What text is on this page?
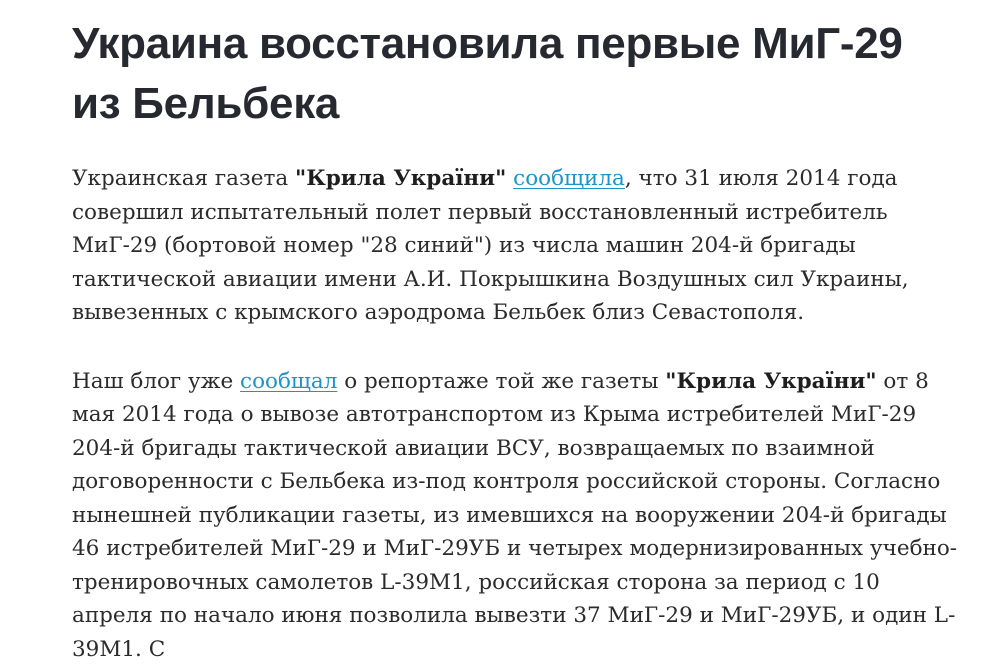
Украина восстановила первые МиГ-29 из Бельбека

Украинская газета "Крила України" сообщила, что 31 июля 2014 года совершил испытательный полет первый восстановленный истребитель МиГ-29 (бортовой номер "28 синий") из числа машин 204-й бригады тактической авиации имени А.И. Покрышкина Воздушных сил Украины, вывезенных с крымского аэродрома Бельбек близ Севастополя.

Наш блог уже сообщал о репортаже той же газеты "Крила України" от 8 мая 2014 года о вывозе автотранспортом из Крыма истребителей МиГ-29 204-й бригады тактической авиации ВСУ, возвращаемых по взаимной договоренности с Бельбека из-под контроля российской стороны. Согласно нынешней публикации газеты, из имевшихся на вооружении 204-й бригады 46 истребителей МиГ-29 и МиГ-29УБ и четырех модернизированных учебно-тренировочных самолетов L-39М1, российская сторона за период с 10 апреля по начало июня позволила вывезти 37 МиГ-29 и МиГ-29УБ, и один L-39М1. С
